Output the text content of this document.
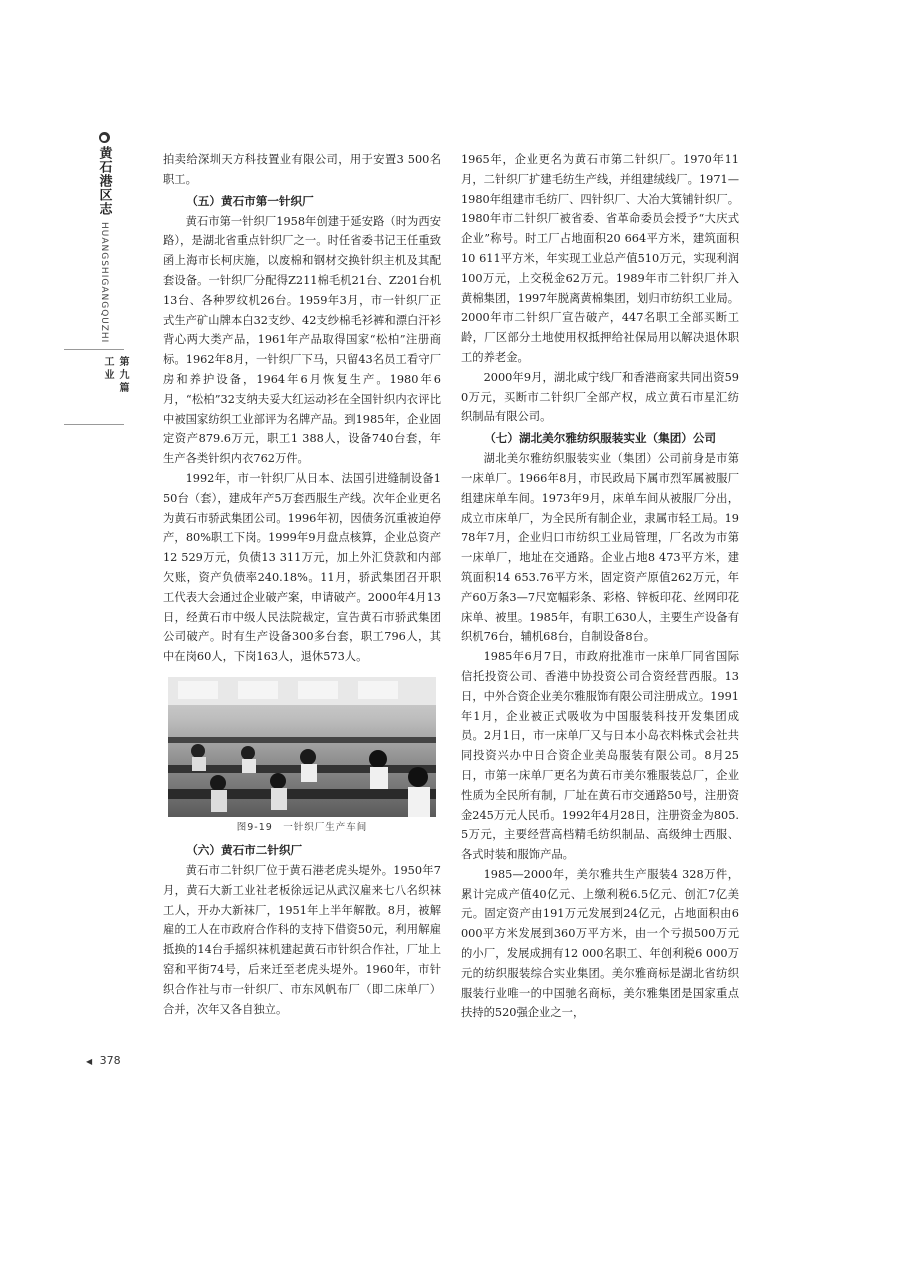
●
黄石港区志
HUANGSHIGANGQUZHI
第九篇
工业

拍卖给深圳天方科技置业有限公司，用于安置3 500名职工。

（五）黄石市第一针织厂

黄石市第一针织厂1958年创建于延安路（时为西安路），是湖北省重点针织厂之一。时任省委书记王任重致函上海市长柯庆施，以废棉和钢材交换针织主机及其配套设备。一针织厂分配得Z211棉毛机21台、Z201台机13台、各种罗纹机26台。1959年3月，市一针织厂正式生产矿山牌本白32支纱、42支纱棉毛衫裤和漂白汗衫背心两大类产品，1961年产品取得国家“松柏”注册商标。1962年8月，一针织厂下马，只留43名员工看守厂房和养护设备，1964年6月恢复生产。1980年6月，“松柏”32支纳夫妥大红运动衫在全国针织内衣评比中被国家纺织工业部评为名牌产品。到1985年，企业固定资产879.6万元，职工1 388人，设备740台套，年生产各类针织内衣762万件。

1992年，市一针织厂从日本、法国引进缝制设备150台（套），建成年产5万套西服生产线。次年企业更名为黄石市骄武集团公司。1996年初，因债务沉重被迫停产，80%职工下岗。1999年9月盘点核算，企业总资产12 529万元，负债13 311万元，加上外汇贷款和内部欠账，资产负债率240.18%。11月，骄武集团召开职工代表大会通过企业破产案，申请破产。2000年4月13日，经黄石市中级人民法院裁定，宣告黄石市骄武集团公司破产。时有生产设备300多台套，职工796人，其中在岗60人，下岗163人，退休573人。

图9-19　一针织厂生产车间
（六）黄石市二针织厂

黄石市二针织厂位于黄石港老虎头堤外。1950年7月，黄石大新工业社老板徐远记从武汉雇来七八名织袜工人，开办大新袜厂，1951年上半年解散。8月，被解雇的工人在市政府合作科的支持下借资50元，利用解雇抵换的14台手摇织袜机建起黄石市针织合作社，厂址上窑和平街74号，后来迁至老虎头堤外。1960年，市针织合作社与市一针织厂、市东风帆布厂（即二床单厂）合并，次年又各自独立。

1965年，企业更名为黄石市第二针织厂。1970年11月，二针织厂扩建毛纺生产线，并组建绒线厂。1971—1980年组建市毛纺厂、四针织厂、大冶大箕铺针织厂。1980年市二针织厂被省委、省革命委员会授予“大庆式企业”称号。时工厂占地面积20 664平方米，建筑面积10 611平方米，年实现工业总产值510万元，实现利润100万元，上交税金62万元。1989年市二针织厂并入黄棉集团，1997年脱离黄棉集团，划归市纺织工业局。2000年市二针织厂宣告破产，447名职工全部买断工龄，厂区部分土地使用权抵押给社保局用以解决退休职工的养老金。

2000年9月，湖北咸宁线厂和香港商家共同出资590万元，买断市二针织厂全部产权，成立黄石市星汇纺织制品有限公司。

（七）湖北美尔雅纺织服装实业（集团）公司

湖北美尔雅纺织服装实业（集团）公司前身是市第一床单厂。1966年8月，市民政局下属市烈军属被服厂组建床单车间。1973年9月，床单车间从被服厂分出，成立市床单厂，为全民所有制企业，隶属市轻工局。1978年7月，企业归口市纺织工业局管理，厂名改为市第一床单厂，地址在交通路。企业占地8 473平方米，建筑面积14 653.76平方米，固定资产原值262万元，年产60万条3—7尺宽幅彩条、彩格、锌板印花、丝网印花床单、被里。1985年，有职工630人，主要生产设备有织机76台，辅机68台，自制设备8台。

1985年6月7日，市政府批准市一床单厂同省国际信托投资公司、香港中协投资公司合资经营西服。13日，中外合资企业美尔雅服饰有限公司注册成立。1991年1月，企业被正式吸收为中国服装科技开发集团成员。2月1日，市一床单厂又与日本小岛衣料株式会社共同投资兴办中日合资企业美岛服装有限公司。8月25日，市第一床单厂更名为黄石市美尔雅服装总厂，企业性质为全民所有制，厂址在黄石市交通路50号，注册资金245万元人民币。1992年4月28日，注册资金为805.5万元，主要经营高档精毛纺织制品、高级绅士西服、各式时装和服饰产品。

1985—2000年，美尔雅共生产服装4 328万件，累计完成产值40亿元、上缴利税6.5亿元、创汇7亿美元。固定资产由191万元发展到24亿元，占地面积由6 000平方米发展到360万平方米，由一个亏损500万元的小厂，发展成拥有12 000名职工、年创利税6 000万元的纺织服装综合实业集团。美尔雅商标是湖北省纺织服装行业唯一的中国驰名商标，美尔雅集团是国家重点扶持的520强企业之一，

◀ 378
